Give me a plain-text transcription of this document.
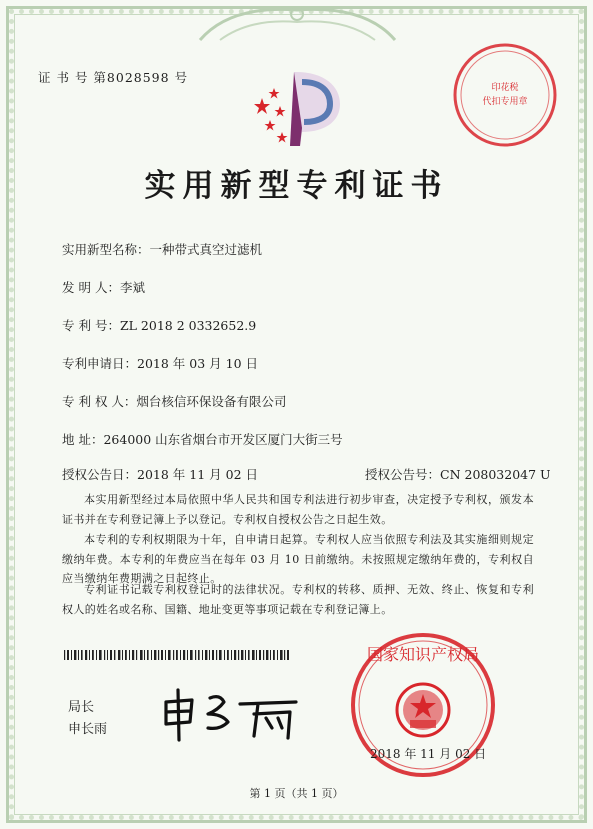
证 书 号 第8028598 号
印花税
代扣专用章
实用新型专利证书
实用新型名称：一种带式真空过滤机
发 明 人：李斌
专 利 号：ZL 2018 2 0332652.9
专利申请日：2018 年 03 月 10 日
专 利 权 人：烟台核信环保设备有限公司
地 址：264000 山东省烟台市开发区厦门大街三号
授权公告日：2018 年 11 月 02 日	授权公告号：CN 208032047 U
本实用新型经过本局依照中华人民共和国专利法进行初步审查，决定授予专利权，颁发本证书并在专利登记簿上予以登记。专利权自授权公告之日起生效。
本专利的专利权期限为十年，自申请日起算。专利权人应当依照专利法及其实施细则规定缴纳年费。本专利的年费应当在每年 03 月 10 日前缴纳。未按照规定缴纳年费的，专利权自应当缴纳年费期满之日起终止。
专利证书记载专利权登记时的法律状况。专利权的转移、质押、无效、终止、恢复和专利权人的姓名或名称、国籍、地址变更等事项记载在专利登记簿上。
局长
申长雨
国家知识产权局
2018 年 11 月 02 日
第 1 页（共 1 页）
